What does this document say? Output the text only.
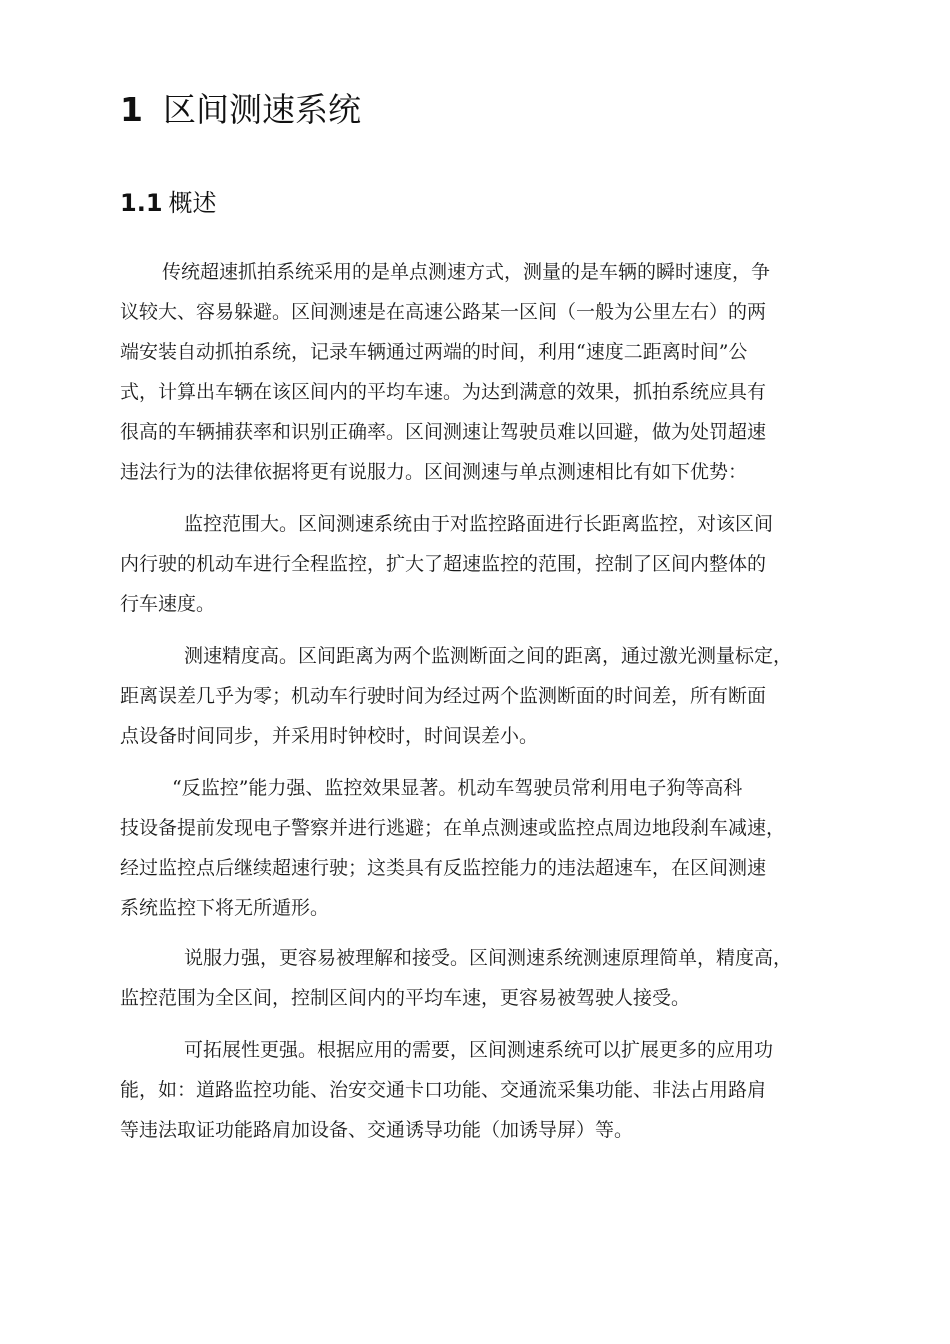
1 区间测速系统
1.1 概述
传统超速抓拍系统采用的是单点测速方式，测量的是车辆的瞬时速度，争
议较大、容易躲避。区间测速是在高速公路某一区间（一般为公里左右）的两
端安装自动抓拍系统，记录车辆通过两端的时间，利用“速度二距离时间”公
式，计算出车辆在该区间内的平均车速。为达到满意的效果，抓拍系统应具有
很高的车辆捕获率和识别正确率。区间测速让驾驶员难以回避，做为处罚超速
违法行为的法律依据将更有说服力。区间测速与单点测速相比有如下优势：
监控范围大。区间测速系统由于对监控路面进行长距离监控，对该区间
内行驶的机动车进行全程监控，扩大了超速监控的范围，控制了区间内整体的
行车速度。
测速精度高。区间距离为两个监测断面之间的距离，通过激光测量标定，
距离误差几乎为零；机动车行驶时间为经过两个监测断面的时间差，所有断面
点设备时间同步，并采用时钟校时，时间误差小。
“反监控”能力强、监控效果显著。机动车驾驶员常利用电子狗等高科
技设备提前发现电子警察并进行逃避；在单点测速或监控点周边地段刹车减速，
经过监控点后继续超速行驶；这类具有反监控能力的违法超速车，在区间测速
系统监控下将无所遁形。
说服力强，更容易被理解和接受。区间测速系统测速原理简单，精度高，
监控范围为全区间，控制区间内的平均车速，更容易被驾驶人接受。
可拓展性更强。根据应用的需要，区间测速系统可以扩展更多的应用功
能，如：道路监控功能、治安交通卡口功能、交通流采集功能、非法占用路肩
等违法取证功能路肩加设备、交通诱导功能（加诱导屏）等。
